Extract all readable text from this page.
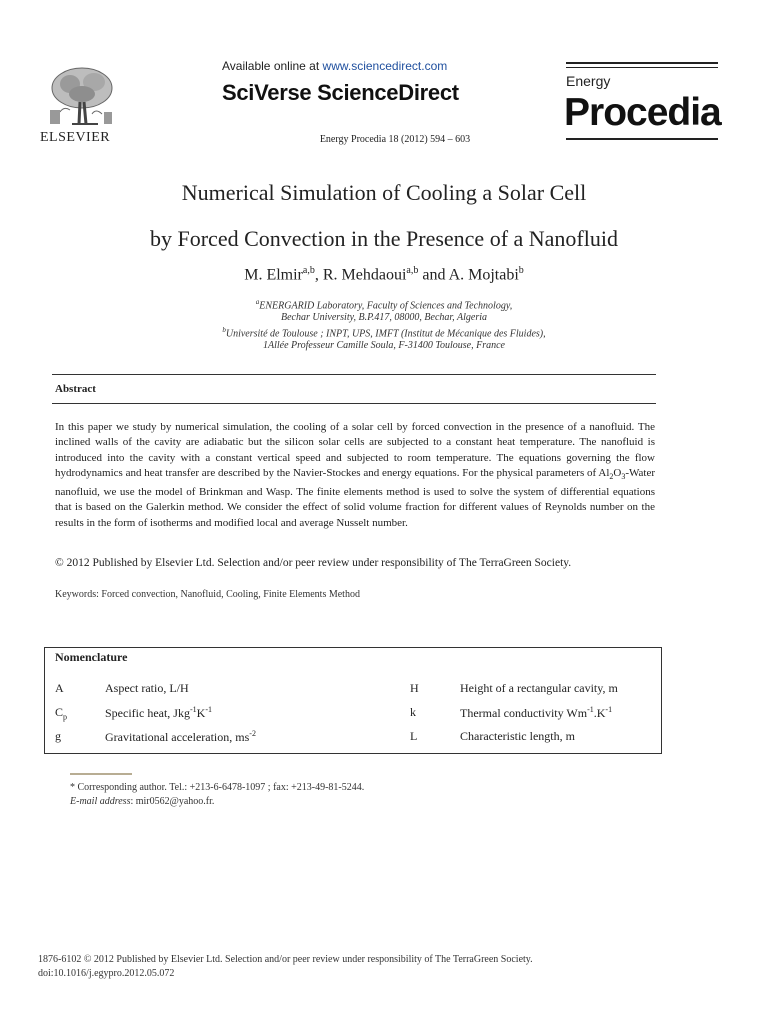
ELSEVIER
Available online at www.sciencedirect.com
SciVerse ScienceDirect
Energy Procedia 18 (2012) 594 – 603
Energy
Procedia
Numerical Simulation of Cooling a Solar Cell
by Forced Convection in the Presence of a Nanofluid
M. Elmir$^{a,b}$, R. Mehdaoui$^{a,b}$ and A. Mojtabi$^b$
$^a$ENERGARID Laboratory, Faculty of Sciences and Technology,
Bechar University, B.P.417, 08000, Bechar, Algeria
$^b$Université de Toulouse ; INPT, UPS, IMFT (Institut de Mécanique des Fluides),
1Allée Professeur Camille Soula, F-31400 Toulouse, France
Abstract
In this paper we study by numerical simulation, the cooling of a solar cell by forced convection in the presence of a nanofluid. The inclined walls of the cavity are adiabatic but the silicon solar cells are subjected to a constant heat temperature. The nanofluid is introduced into the cavity with a constant vertical speed and subjected to room temperature. The equations governing the flow hydrodynamics and heat transfer are described by the Navier-Stockes and energy equations. For the physical parameters of $Al_2O_3$-Water nanofluid, we use the model of Brinkman and Wasp. The finite elements method is used to solve the system of differential equations that is based on the Galerkin method. We consider the effect of solid volume fraction for different values of Reynolds number on the results in the form of isotherms and modified local and average Nusselt number.
© 2012 Published by Elsevier Ltd. Selection and/or peer review under responsibility of The TerraGreen Society.
Keywords: Forced convection, Nanofluid, Cooling, Finite Elements Method
Nomenclature
A	Aspect ratio, L/H	H	Height of a rectangular cavity, m
$C_p$	Specific heat, $Jkg^{-1}K^{-1}$	k	Thermal conductivity $Wm^{-1}.K^{-1}$
g	Gravitational acceleration, $ms^{-2}$	L	Characteristic length, m
* Corresponding author. Tel.: +213-6-6478-1097 ; fax: +213-49-81-5244.
E-mail address: mir0562@yahoo.fr.
1876-6102 © 2012 Published by Elsevier Ltd. Selection and/or peer review under responsibility of The TerraGreen Society.
doi:10.1016/j.egypro.2012.05.072
